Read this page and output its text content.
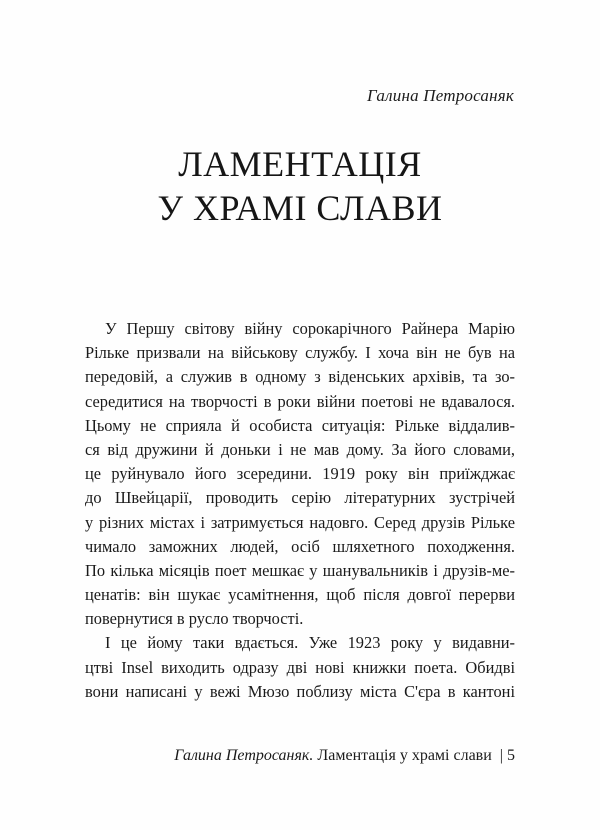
Галина Петросаняк
ЛАМЕНТАЦІЯ
У ХРАМІ СЛАВИ
У Першу світову війну сорокарічного Райнера Марію
Рільке призвали на військову службу. І хоча він не був на
передовій, а служив в одному з віденських архівів, та зо-
середитися на творчості в роки війни поетові не вдавалося.
Цьому не сприяла й особиста ситуація: Рільке віддалив-
ся від дружини й доньки і не мав дому. За його словами,
це руйнувало його зсередини. 1919 року він приїжджає
до Швейцарії, проводить серію літературних зустрічей
у різних містах і затримується надовго. Серед друзів Рільке
чимало заможних людей, осіб шляхетного походження.
По кілька місяців поет мешкає у шанувальників і друзів-ме-
ценатів: він шукає усамітнення, щоб після довгої перерви
повернутися в русло творчості.
І це йому таки вдається. Уже 1923 року у видавни-
цтві Insel виходить одразу дві нові книжки поета. Обидві
вони написані у вежі Мюзо поблизу міста С'єра в кантоні
Галина Петросаняк. Ламентація у храмі слави | 5
